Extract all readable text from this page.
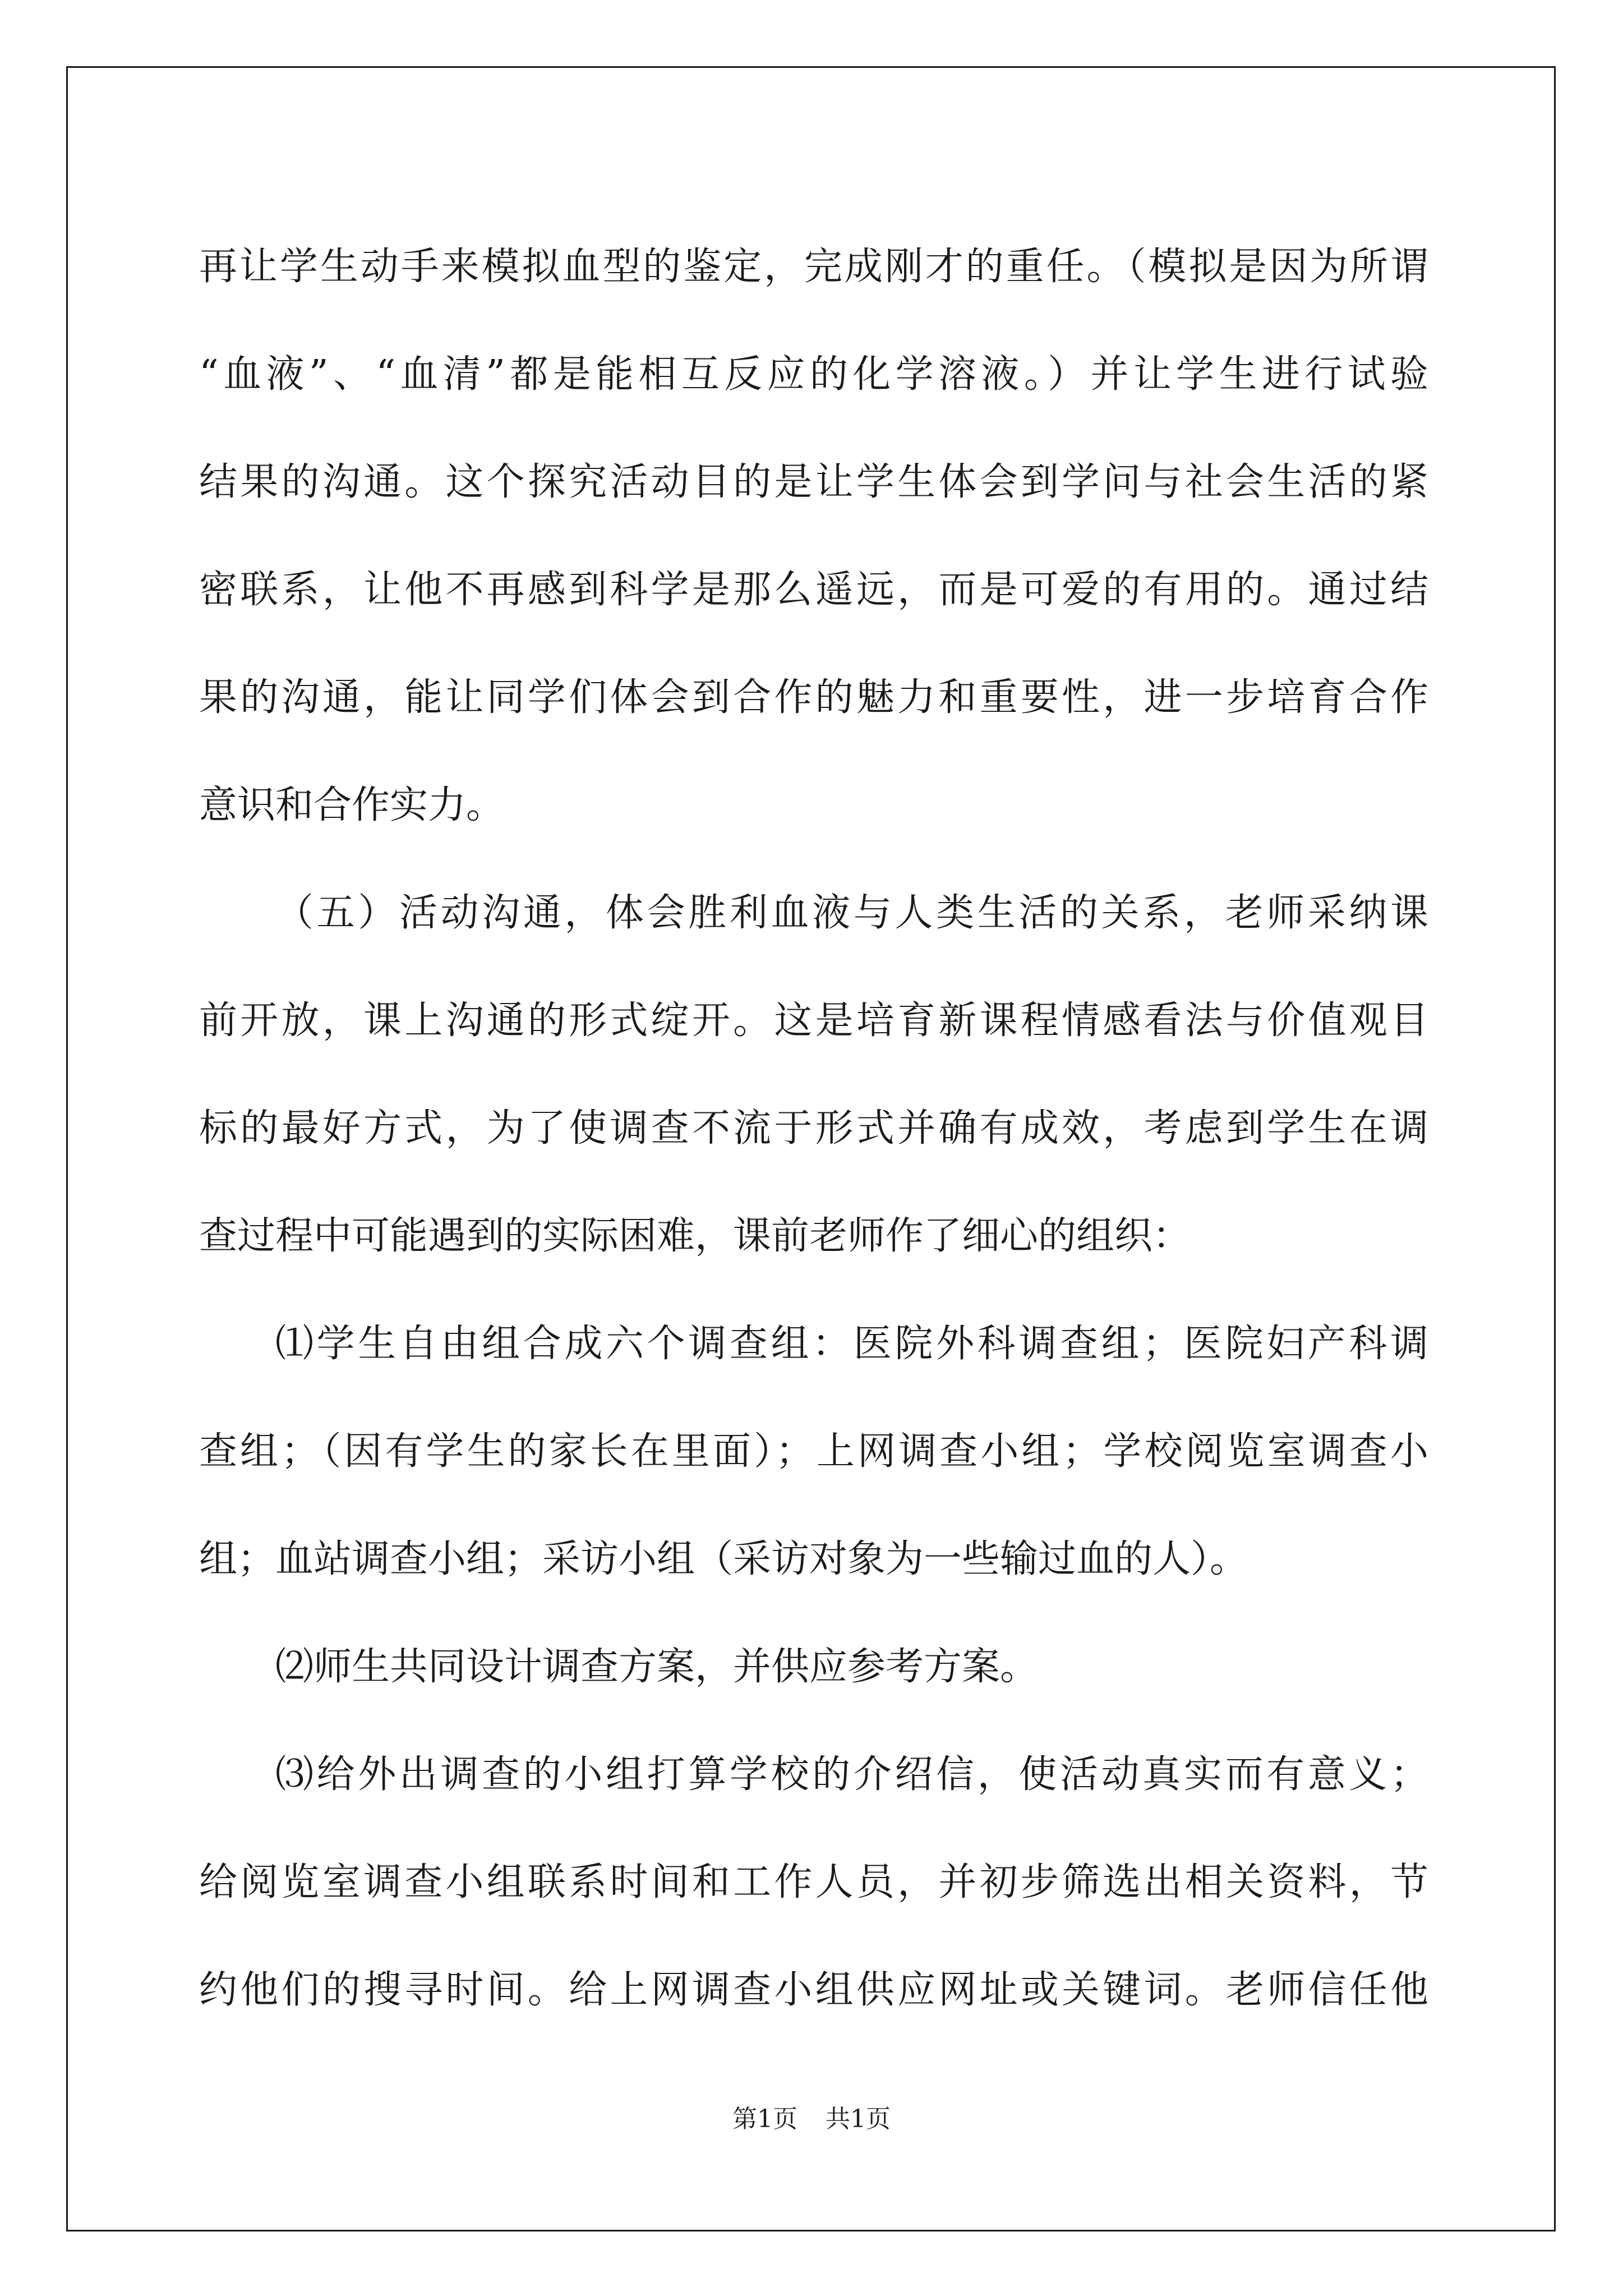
再让学生动手来模拟血型的鉴定，完成刚才的重任。（模拟是因为所谓
“血液”、“血清”都是能相互反应的化学溶液。）并让学生进行试验
结果的沟通。这个探究活动目的是让学生体会到学问与社会生活的紧
密联系，让他不再感到科学是那么遥远，而是可爱的有用的。通过结
果的沟通，能让同学们体会到合作的魅力和重要性，进一步培育合作
意识和合作实力。
（五）活动沟通，体会胜利血液与人类生活的关系，老师采纳课
前开放，课上沟通的形式绽开。这是培育新课程情感看法与价值观目
标的最好方式，为了使调查不流于形式并确有成效，考虑到学生在调
查过程中可能遇到的实际困难，课前老师作了细心的组织：
⑴学生自由组合成六个调查组：医院外科调查组；医院妇产科调
查组；（因有学生的家长在里面）；上网调查小组；学校阅览室调查小
组；血站调查小组；采访小组（采访对象为一些输过血的人）。
⑵师生共同设计调查方案，并供应参考方案。
⑶给外出调查的小组打算学校的介绍信，使活动真实而有意义；
给阅览室调查小组联系时间和工作人员，并初步筛选出相关资料，节
约他们的搜寻时间。给上网调查小组供应网址或关键词。老师信任他
第1页 共1页
